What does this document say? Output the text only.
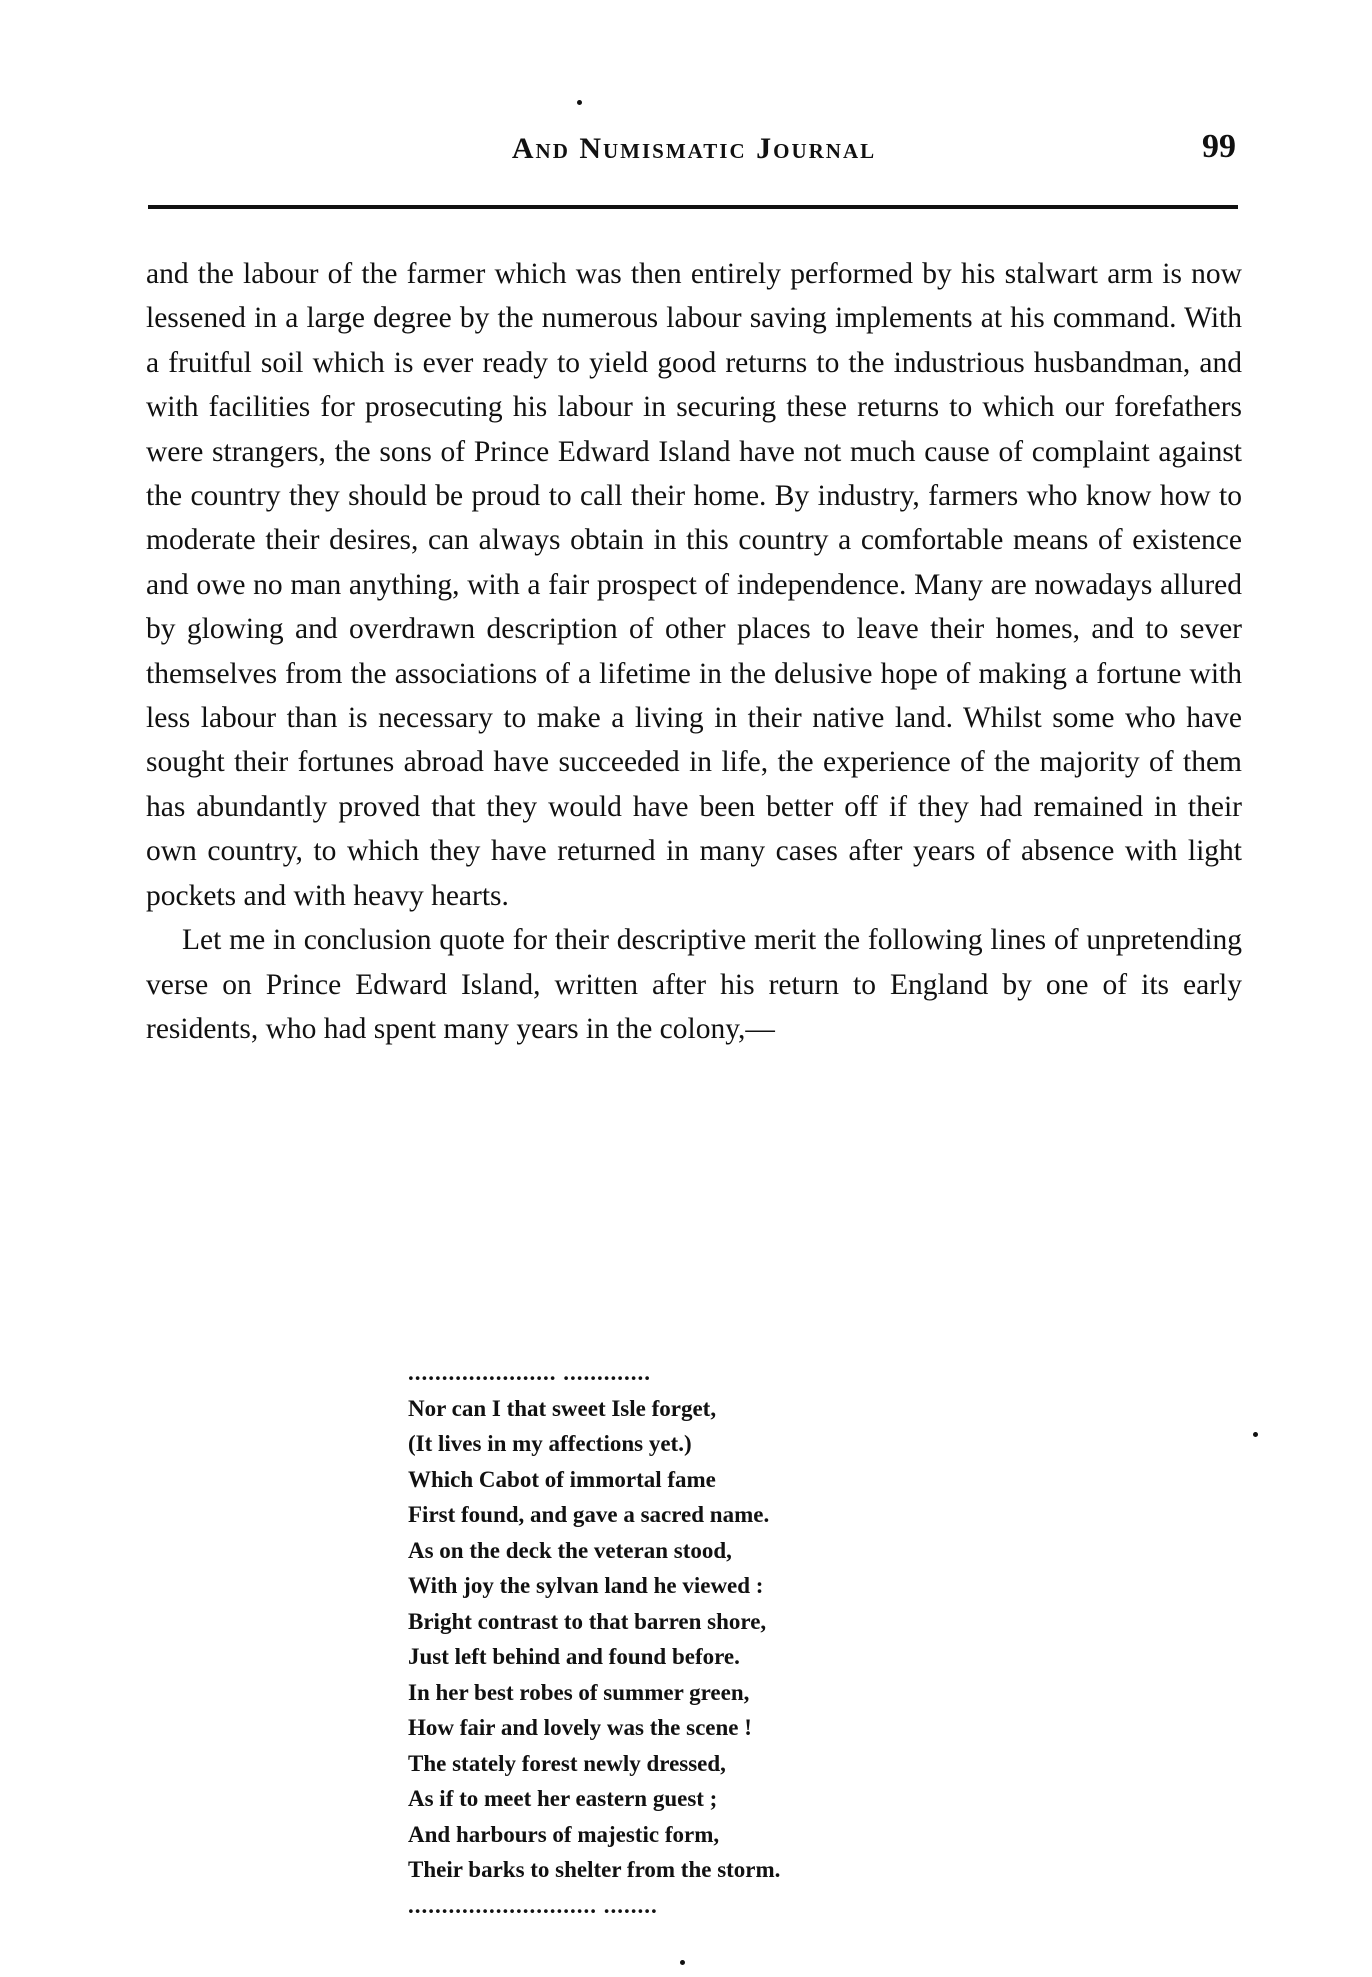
And Numismatic Journal	99

and the labour of the farmer which was then entirely performed by his stalwart arm is now lessened in a large degree by the numerous labour saving implements at his command. With a fruitful soil which is ever ready to yield good returns to the industrious husbandman, and with facilities for prosecuting his labour in securing these returns to which our forefathers were strangers, the sons of Prince Edward Island have not much cause of complaint against the country they should be proud to call their home. By industry, farmers who know how to moderate their desires, can always obtain in this country a comfortable means of existence and owe no man anything, with a fair prospect of independence. Many are nowadays allured by glowing and overdrawn description of other places to leave their homes, and to sever themselves from the associations of a lifetime in the delusive hope of making a fortune with less labour than is necessary to make a living in their native land. Whilst some who have sought their fortunes abroad have succeeded in life, the experience of the majority of them has abundantly proved that they would have been better off if they had remained in their own country, to which they have returned in many cases after years of absence with light pockets and with heavy hearts.

Let me in conclusion quote for their descriptive merit the following lines of unpretending verse on Prince Edward Island, written after his return to England by one of its early residents, who had spent many years in the colony,—

...................... .............
Nor can I that sweet Isle forget,
(It lives in my affections yet.)
Which Cabot of immortal fame
First found, and gave a sacred name.
As on the deck the veteran stood,
With joy the sylvan land he viewed :
Bright contrast to that barren shore,
Just left behind and found before.
In her best robes of summer green,
How fair and lovely was the scene !
The stately forest newly dressed,
As if to meet her eastern guest ;
And harbours of majestic form,
Their barks to shelter from the storm.
............................ ........
